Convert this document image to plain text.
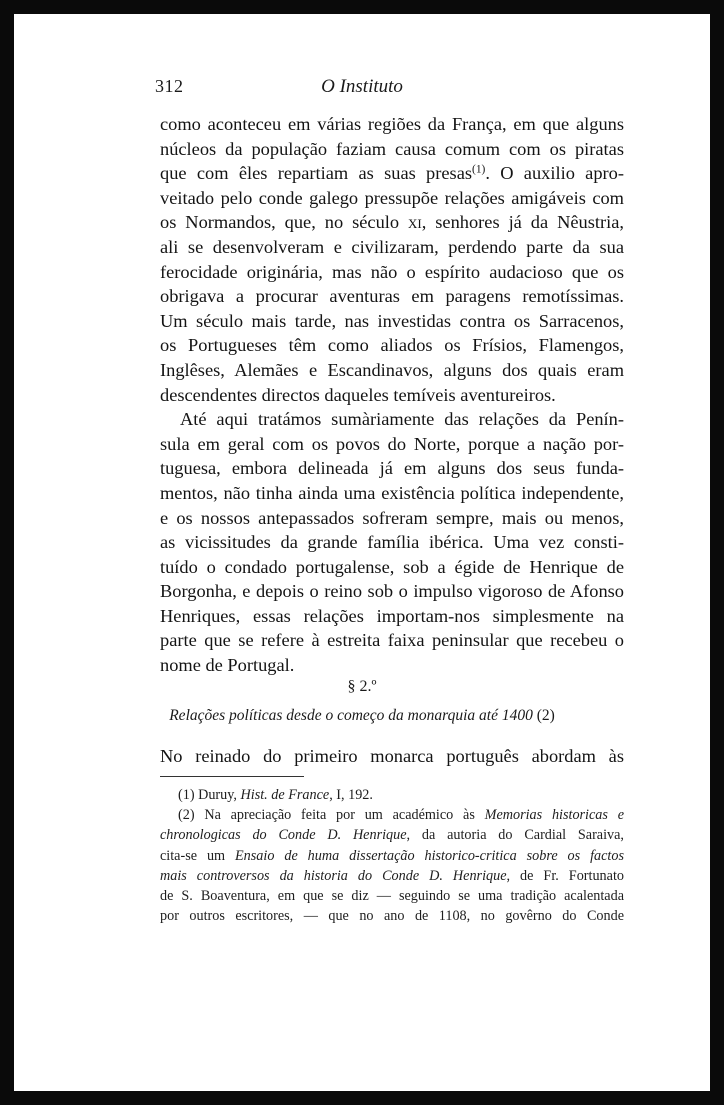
312	O Instituto
como aconteceu em várias regiões da França, em que alguns
núcleos da população faziam causa comum com os piratas
que com êles repartiam as suas presas$^{(1)}$. O auxilio apro-
veitado pelo conde galego pressupõe relações amigáveis com
os Normandos, que, no século xi, senhores já da Nêustria,
ali se desenvolveram e civilizaram, perdendo parte da sua
ferocidade originária, mas não o espírito audacioso que os
obrigava a procurar aventuras em paragens remotíssimas.
Um século mais tarde, nas investidas contra os Sarracenos,
os Portugueses têm como aliados os Frísios, Flamengos,
Inglêses, Alemães e Escandinavos, alguns dos quais eram
descendentes directos daqueles temíveis aventureiros.
Até aqui tratámos sumàriamente das relações da Penín-
sula em geral com os povos do Norte, porque a nação por-
tuguesa, embora delineada já em alguns dos seus funda-
mentos, não tinha ainda uma existência política independente,
e os nossos antepassados sofreram sempre, mais ou menos,
as vicissitudes da grande família ibérica. Uma vez consti-
tuído o condado portugalense, sob a égide de Henrique de
Borgonha, e depois o reino sob o impulso vigoroso de Afonso
Henriques, essas relações importam-nos simplesmente na
parte que se refere à estreita faixa peninsular que recebeu o
nome de Portugal.
§ 2.º
Relações políticas desde o começo da monarquia até 1400 (2)
No reinado do primeiro monarca português abordam às
(1) Duruy, Hist. de France, I, 192.
(2) Na apreciação feita por um académico às Memorias historicas e
chronologicas do Conde D. Henrique, da autoria do Cardial Saraiva,
cita-se um Ensaio de huma dissertação historico-critica sobre os factos
mais controversos da historia do Conde D. Henrique, de Fr. Fortunato
de S. Boaventura, em que se diz — seguindo se uma tradição acalentada
por outros escritores, — que no ano de 1108, no govêrno do Conde
